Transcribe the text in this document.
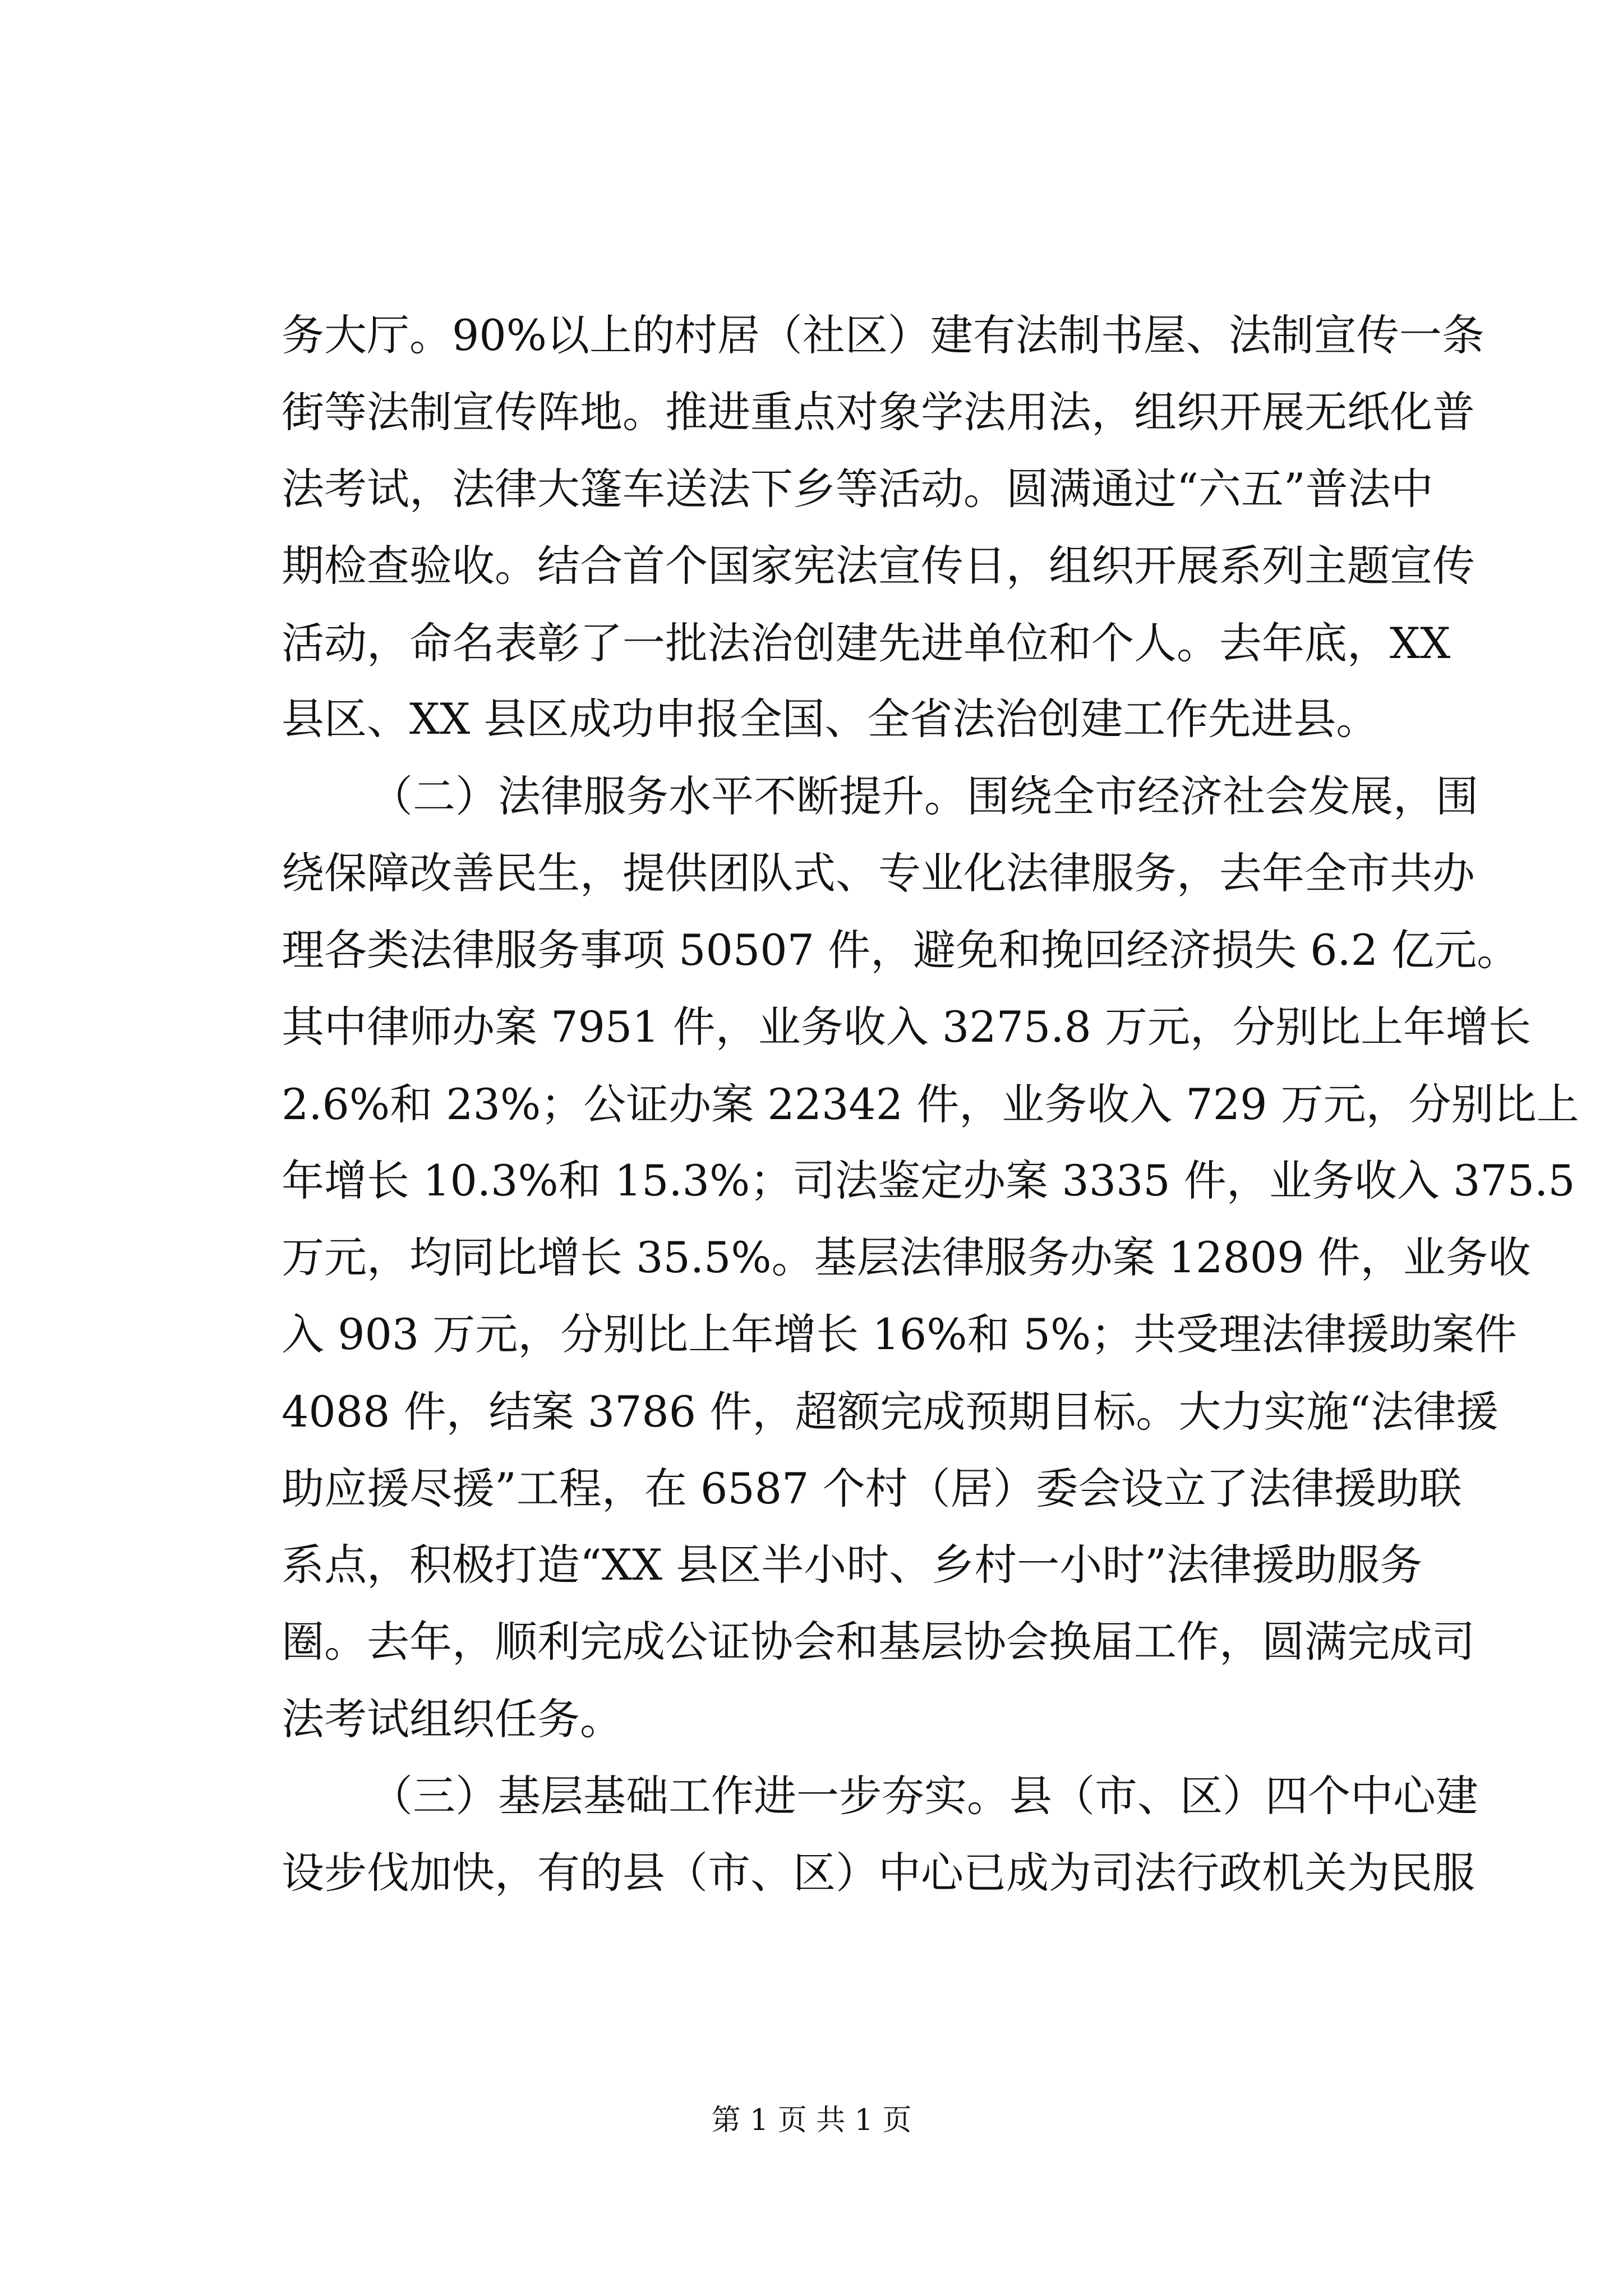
务大厅。90%以上的村居（社区）建有法制书屋、法制宣传一条
街等法制宣传阵地。推进重点对象学法用法，组织开展无纸化普
法考试，法律大篷车送法下乡等活动。圆满通过“六五”普法中
期检查验收。结合首个国家宪法宣传日，组织开展系列主题宣传
活动，命名表彰了一批法治创建先进单位和个人。去年底，XX
县区、XX 县区成功申报全国、全省法治创建工作先进县。
（二）法律服务水平不断提升。围绕全市经济社会发展，围
绕保障改善民生，提供团队式、专业化法律服务，去年全市共办
理各类法律服务事项 50507 件，避免和挽回经济损失 6.2 亿元。
其中律师办案 7951 件，业务收入 3275.8 万元，分别比上年增长
2.6%和 23%；公证办案 22342 件，业务收入 729 万元，分别比上
年增长 10.3%和 15.3%；司法鉴定办案 3335 件，业务收入 375.5
万元，均同比增长 35.5%。基层法律服务办案 12809 件，业务收
入 903 万元，分别比上年增长 16%和 5%；共受理法律援助案件
4088 件，结案 3786 件，超额完成预期目标。大力实施“法律援
助应援尽援”工程，在 6587 个村（居）委会设立了法律援助联
系点，积极打造“XX 县区半小时、乡村一小时”法律援助服务
圈。去年，顺利完成公证协会和基层协会换届工作，圆满完成司
法考试组织任务。
（三）基层基础工作进一步夯实。县（市、区）四个中心建
设步伐加快，有的县（市、区）中心已成为司法行政机关为民服
第 1 页 共 1 页
